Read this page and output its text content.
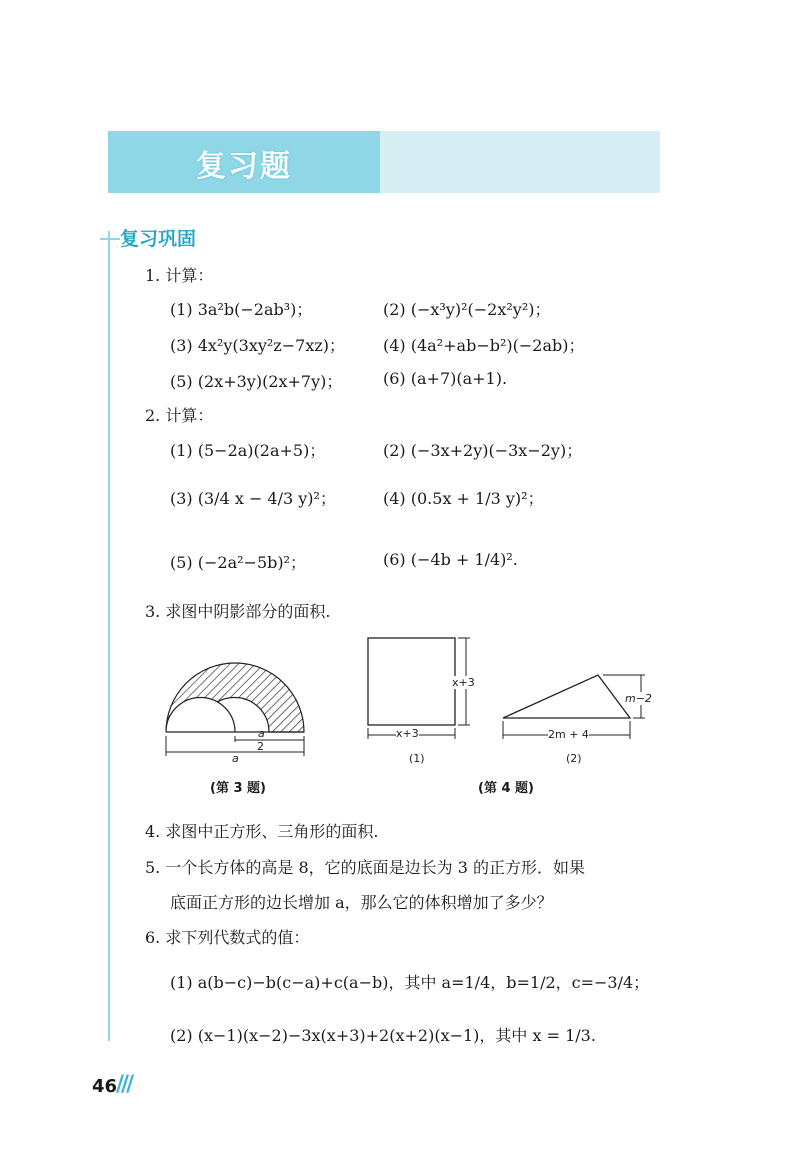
复习题
复习巩固
1. 计算：
(1) 3a²b(−2ab³)；	(2) (−x³y)²(−2x²y²)；
(3) 4x²y(3xy²z−7xz)； (4) (4a²+ab−b²)(−2ab)；
(5) (2x+3y)(2x+7y)；	(6) (a+7)(a+1).
2. 计算：
(1) (5−2a)(2a+5)；	(2) (−3x+2y)(−3x−2y)；
(3) (3/4 x − 4/3 y)²；	(4) (0.5x + 1/3 y)²；
(5) (−2a²−5b)²；	(6) (−4b + 1/4)².
3. 求图中阴影部分的面积.
a
2
a
(第 3 题)
x+3
x+3
(1)
m−2
2m + 4
(2)
(第 4 题)
4. 求图中正方形、三角形的面积.
5. 一个长方体的高是 8，它的底面是边长为 3 的正方形．如果
底面正方形的边长增加 a，那么它的体积增加了多少？
6. 求下列代数式的值：
(1) a(b−c)−b(c−a)+c(a−b)，其中 a=1/4，b=1/2，c=−3/4；
(2) (x−1)(x−2)−3x(x+3)+2(x+2)(x−1)，其中 x = 1/3.
46
///
